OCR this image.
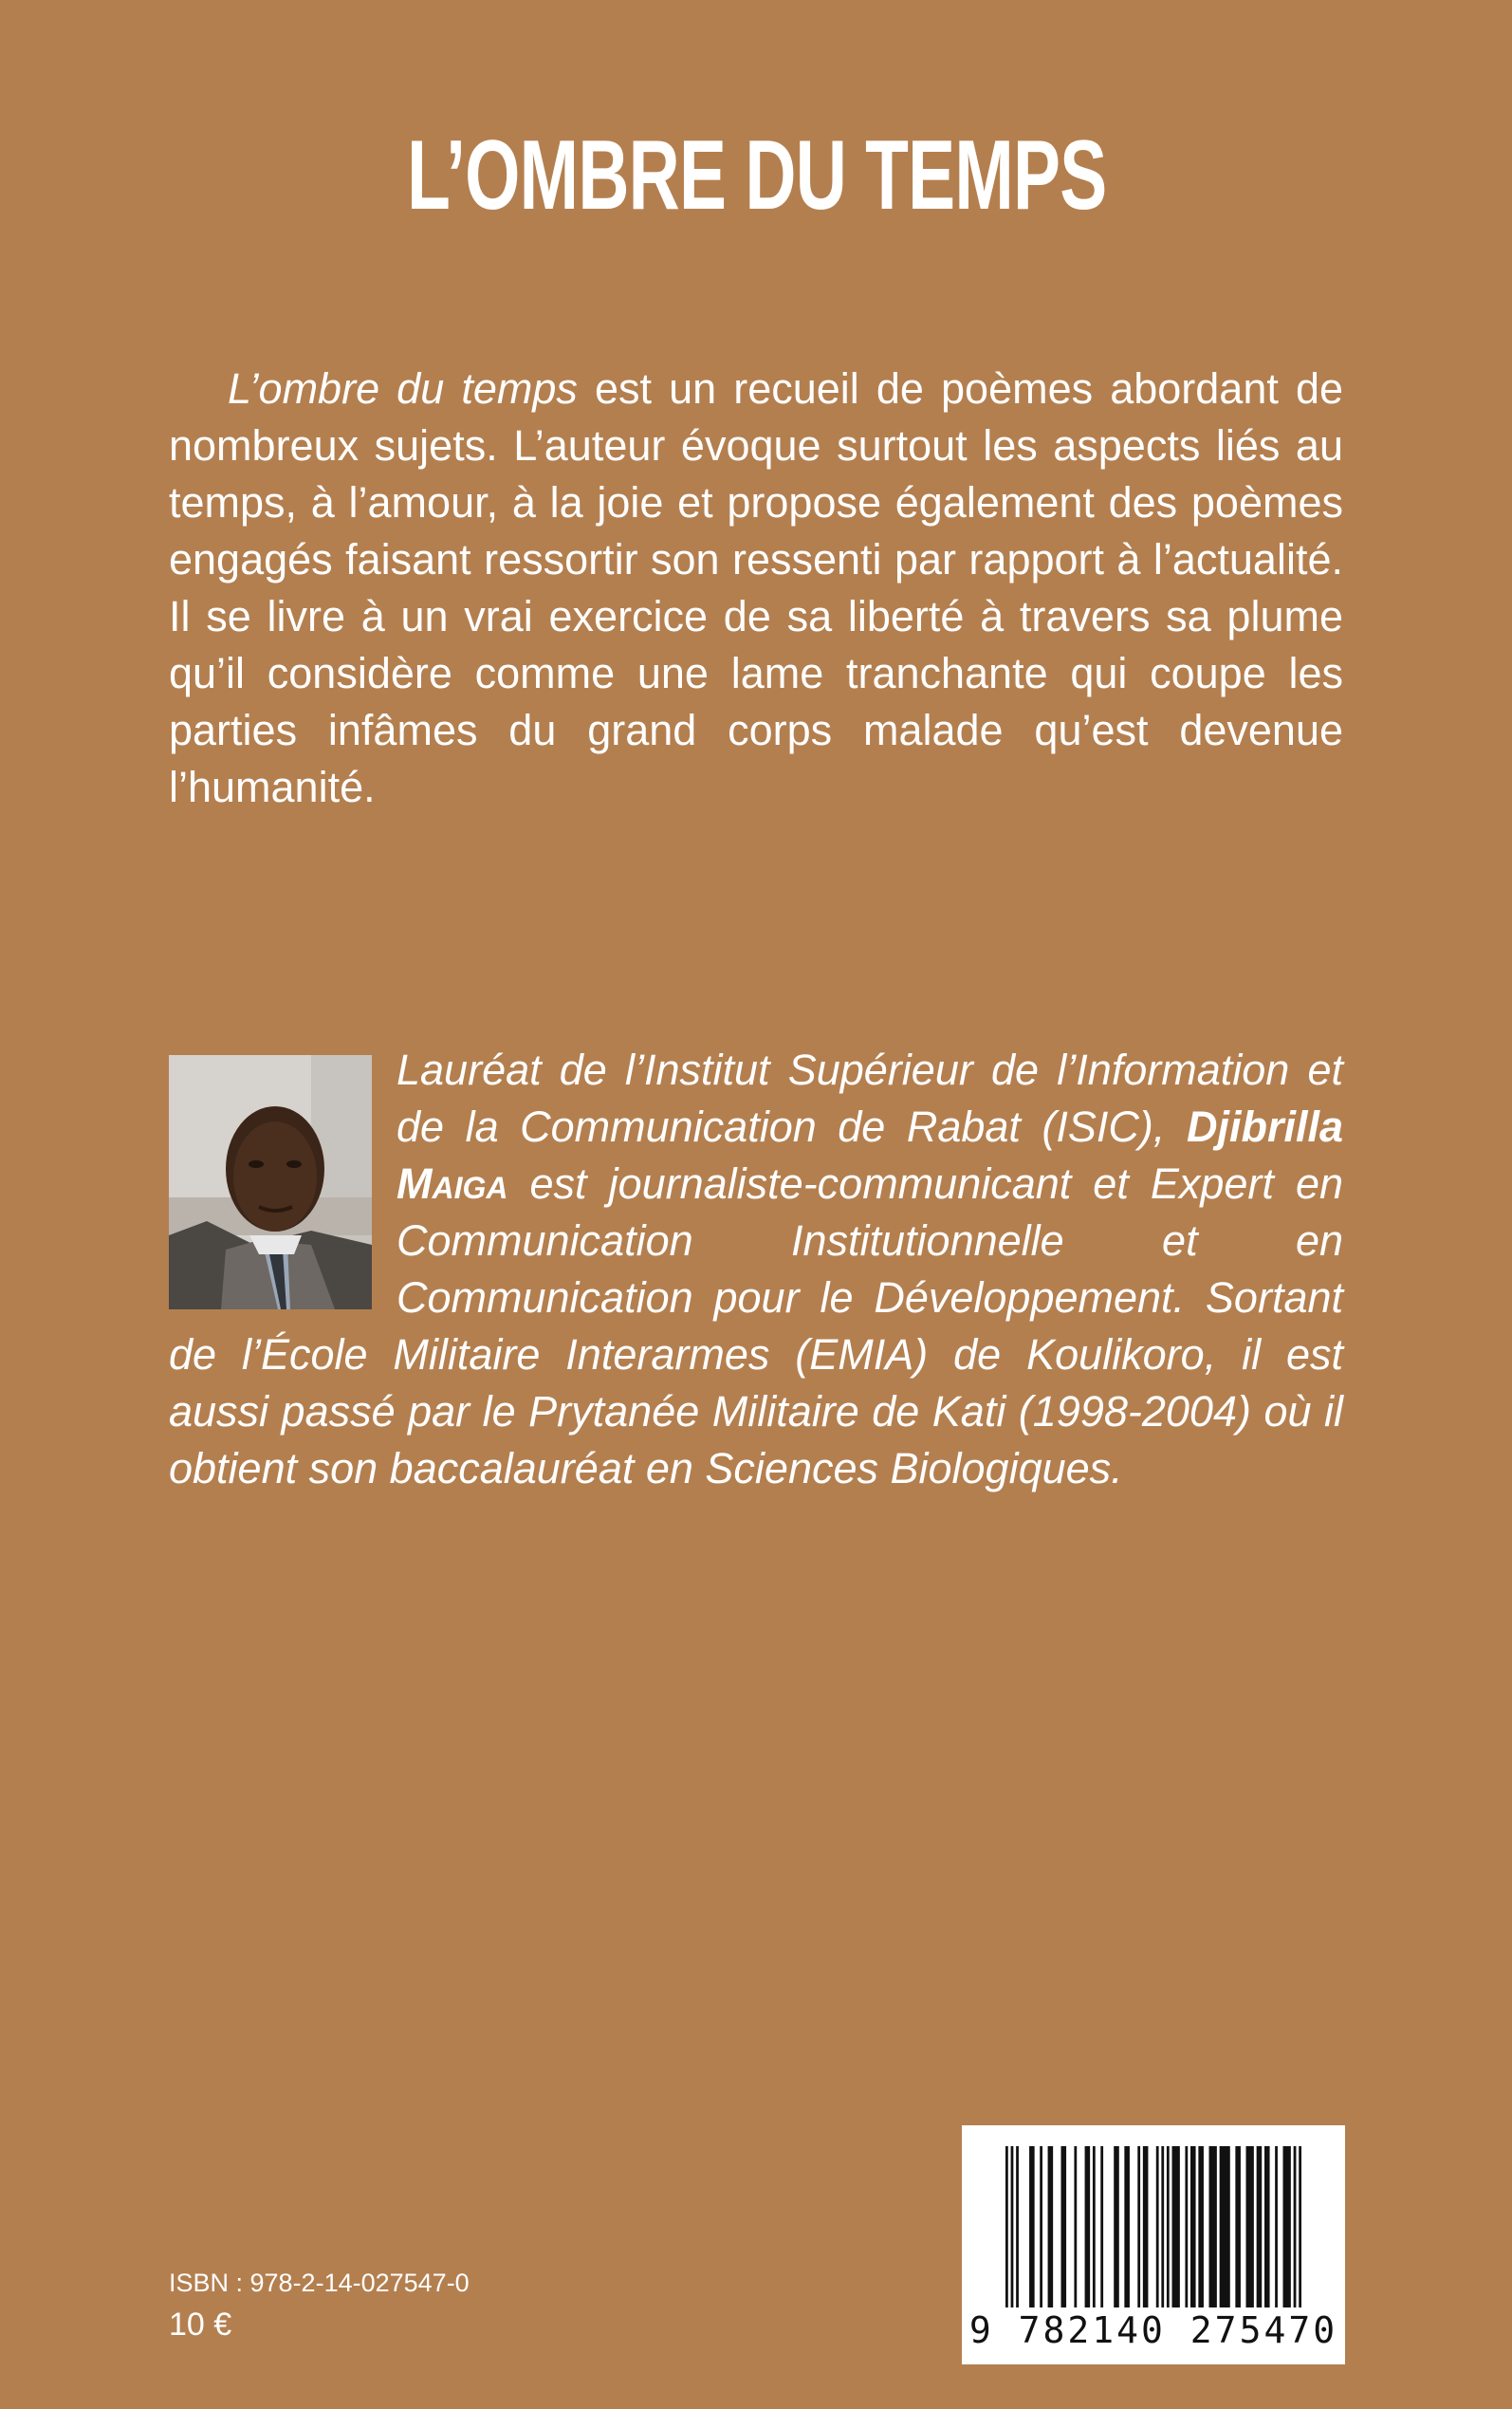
L’OMBRE DU TEMPS

L’ombre du temps est un recueil de poèmes abordant de nombreux sujets. L’auteur évoque surtout les aspects liés au temps, à l’amour, à la joie et propose également des poèmes engagés faisant ressortir son ressenti par rapport à l’actualité. Il se livre à un vrai exercice de sa liberté à travers sa plume qu’il considère comme une lame tranchante qui coupe les parties infâmes du grand corps malade qu’est devenue l’humanité.

Lauréat de l’Institut Supérieur de l’Information et de la Communication de Rabat (ISIC), Djibrilla Maiga est journaliste-communicant et Expert en Communication Institutionnelle et en Communication pour le Développement. Sortant de l’École Militaire Interarmes (EMIA) de Koulikoro, il est aussi passé par le Prytanée Militaire de Kati (1998-2004) où il obtient son baccalauréat en Sciences Biologiques.

ISBN : 978-2-14-027547-0
10 €	9 782140 275470
